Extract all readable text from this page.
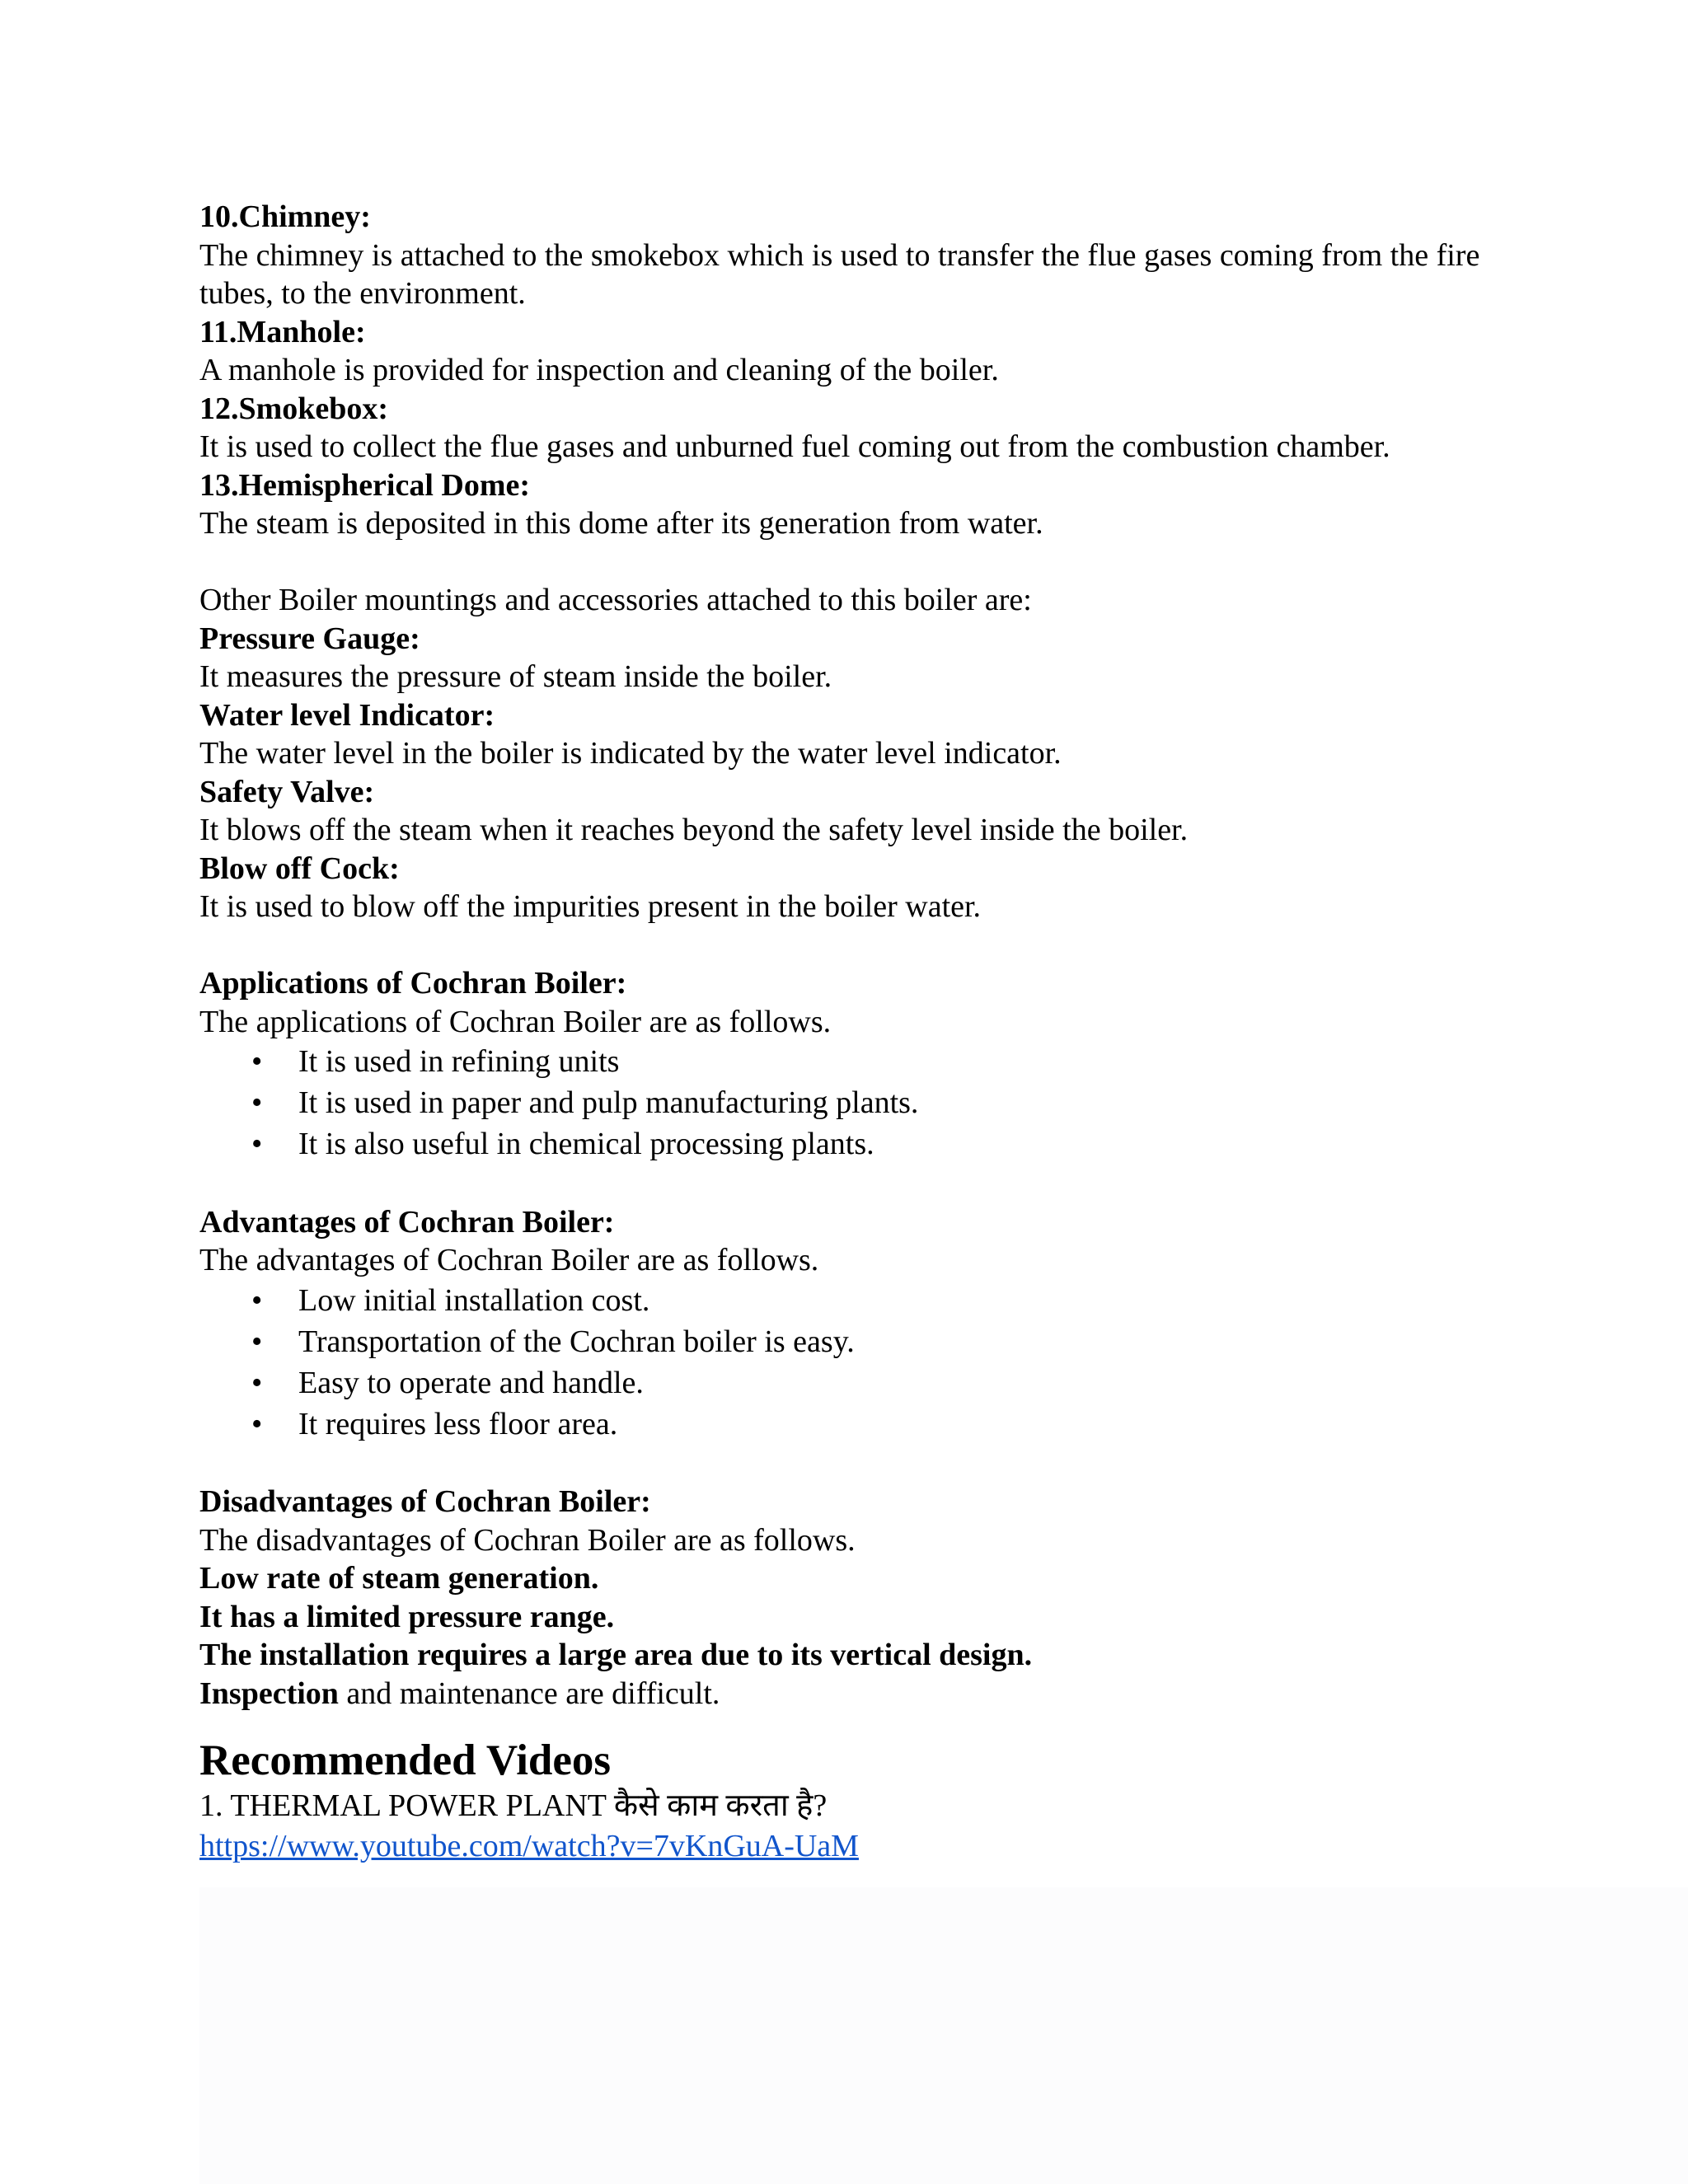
10.Chimney:

The chimney is attached to the smokebox which is used to transfer the flue gases coming from the fire tubes, to the environment.

11.Manhole:

A manhole is provided for inspection and cleaning of the boiler.

12.Smokebox:

It is used to collect the flue gases and unburned fuel coming out from the combustion chamber.

13.Hemispherical Dome:

The steam is deposited in this dome after its generation from water.

Other Boiler mountings and accessories attached to this boiler are:

Pressure Gauge:

It measures the pressure of steam inside the boiler.

Water level Indicator:

The water level in the boiler is indicated by the water level indicator.

Safety Valve:

It blows off the steam when it reaches beyond the safety level inside the boiler.

Blow off Cock:

It is used to blow off the impurities present in the boiler water.

Applications of Cochran Boiler:

The applications of Cochran Boiler are as follows.

• It is used in refining units
• It is used in paper and pulp manufacturing plants.
• It is also useful in chemical processing plants.

Advantages of Cochran Boiler:

The advantages of Cochran Boiler are as follows.

• Low initial installation cost.
• Transportation of the Cochran boiler is easy.
• Easy to operate and handle.
• It requires less floor area.

Disadvantages of Cochran Boiler:

The disadvantages of Cochran Boiler are as follows.

Low rate of steam generation.

It has a limited pressure range.

The installation requires a large area due to its vertical design.

Inspection and maintenance are difficult.

Recommended Videos

1. THERMAL POWER PLANT कैसे काम करता है?

https://www.youtube.com/watch?v=7vKnGuA-UaM
